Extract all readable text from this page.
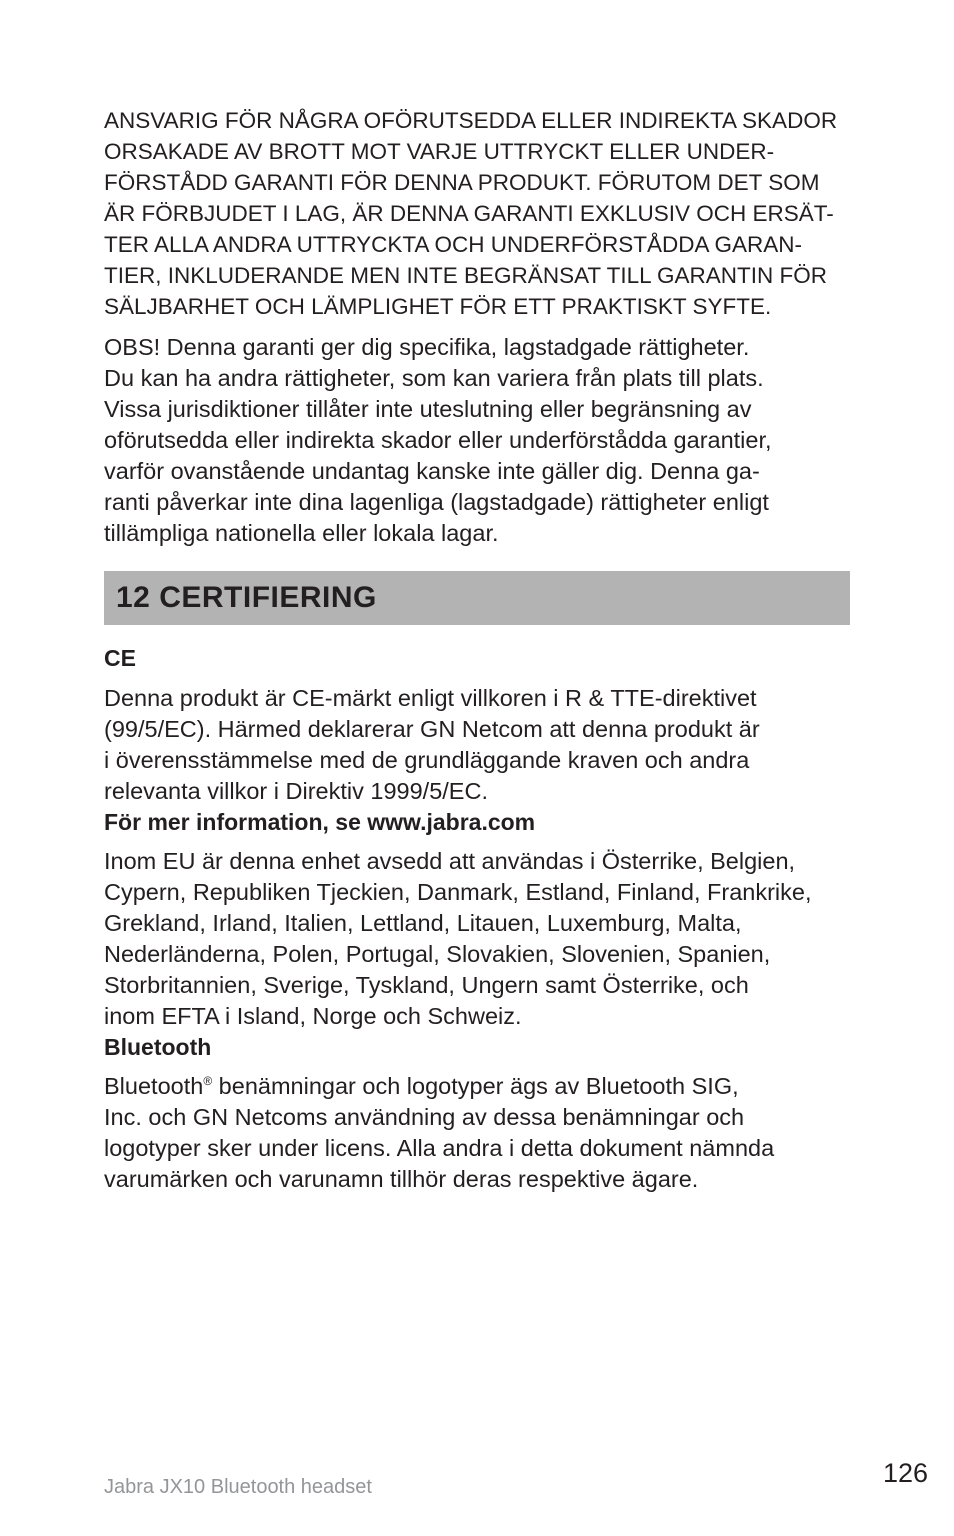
ANSVARIG FÖR NÅGRA OFÖRUTSEDDA ELLER INDIREKTA SKADOR
ORSAKADE AV BROTT MOT VARJE UTTRYCKT ELLER UNDER-
FÖRSTÅDD GARANTI FÖR DENNA PRODUKT. FÖRUTOM DET SOM
ÄR FÖRBJUDET I LAG, ÄR DENNA GARANTI EXKLUSIV OCH ERSÄT-
TER ALLA ANDRA UTTRYCKTA OCH UNDERFÖRSTÅDDA GARAN-
TIER, INKLUDERANDE MEN INTE BEGRÄNSAT TILL GARANTIN FÖR
SÄLJBARHET OCH LÄMPLIGHET FÖR ETT PRAKTISKT SYFTE.

OBS! Denna garanti ger dig specifika, lagstadgade rättigheter.
Du kan ha andra rättigheter, som kan variera från plats till plats.
Vissa jurisdiktioner tillåter inte uteslutning eller begränsning av
oförutsedda eller indirekta skador eller underförstådda garantier,
varför ovanstående undantag kanske inte gäller dig. Denna ga-
ranti påverkar inte dina lagenliga (lagstadgade) rättigheter enligt
tillämpliga nationella eller lokala lagar.

12 CERTIFIERING

CE

Denna produkt är CE-märkt enligt villkoren i R & TTE-direktivet
(99/5/EC). Härmed deklarerar GN Netcom att denna produkt är
i överensstämmelse med de grundläggande kraven och andra
relevanta villkor i Direktiv 1999/5/EC.

För mer information, se www.jabra.com

Inom EU är denna enhet avsedd att användas i Österrike, Belgien,
Cypern, Republiken Tjeckien, Danmark, Estland, Finland, Frankrike,
Grekland, Irland, Italien, Lettland, Litauen, Luxemburg, Malta,
Nederländerna, Polen, Portugal, Slovakien, Slovenien, Spanien,
Storbritannien, Sverige, Tyskland, Ungern samt Österrike, och
inom EFTA i Island, Norge och Schweiz.

Bluetooth

Bluetooth® benämningar och logotyper ägs av Bluetooth SIG,
Inc. och GN Netcoms användning av dessa benämningar och
logotyper sker under licens. Alla andra i detta dokument nämnda
varumärken och varunamn tillhör deras respektive ägare.

Jabra JX10 Bluetooth headset	126
